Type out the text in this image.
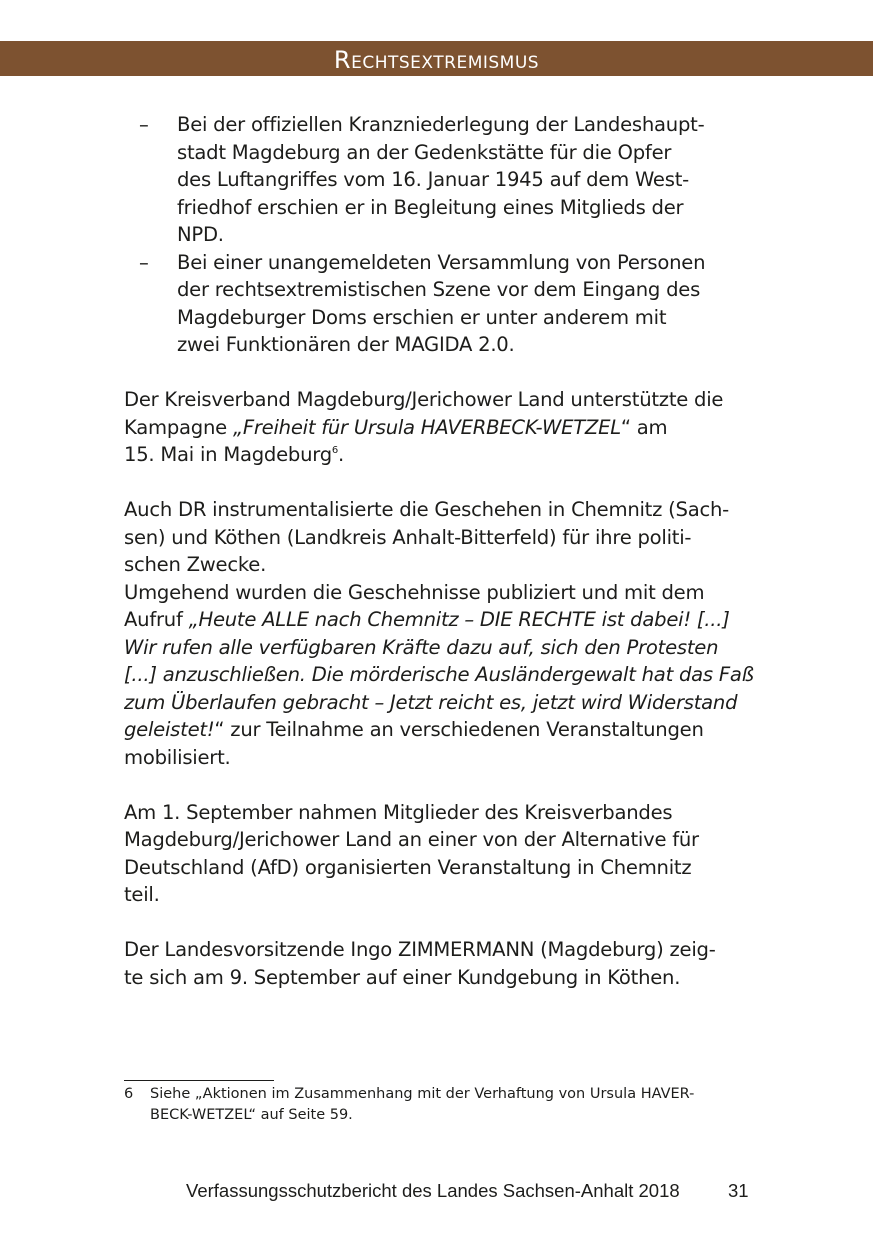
Rechtsextremismus
– Bei der offiziellen Kranzniederlegung der Landeshaupt-
stadt Magdeburg an der Gedenkstätte für die Opfer
des Luftangriffes vom 16. Januar 1945 auf dem West-
friedhof erschien er in Begleitung eines Mitglieds der
NPD.
– Bei einer unangemeldeten Versammlung von Personen
der rechtsextremistischen Szene vor dem Eingang des
Magdeburger Doms erschien er unter anderem mit
zwei Funktionären der MAGIDA 2.0.
Der Kreisverband Magdeburg/Jerichower Land unterstützte die
Kampagne „Freiheit für Ursula HAVERBECK-WETZEL“ am
15. Mai in Magdeburg$^6$.
Auch DR instrumentalisierte die Geschehen in Chemnitz (Sach-
sen) und Köthen (Landkreis Anhalt-Bitterfeld) für ihre politi-
schen Zwecke.
Umgehend wurden die Geschehnisse publiziert und mit dem
Aufruf „Heute ALLE nach Chemnitz – DIE RECHTE ist dabei! [...]
Wir rufen alle verfügbaren Kräfte dazu auf, sich den Protesten
[...] anzuschließen. Die mörderische Ausländergewalt hat das Faß
zum Überlaufen gebracht – Jetzt reicht es, jetzt wird Widerstand
geleistet!“ zur Teilnahme an verschiedenen Veranstaltungen
mobilisiert.
Am 1. September nahmen Mitglieder des Kreisverbandes
Magdeburg/Jerichower Land an einer von der Alternative für
Deutschland (AfD) organisierten Veranstaltung in Chemnitz
teil.
Der Landesvorsitzende Ingo ZIMMERMANN (Magdeburg) zeig-
te sich am 9. September auf einer Kundgebung in Köthen.
6	Siehe „Aktionen im Zusammenhang mit der Verhaftung von Ursula HAVER-
BECK-WETZEL“ auf Seite 59.
Verfassungsschutzbericht des Landes Sachsen-Anhalt 2018	31
